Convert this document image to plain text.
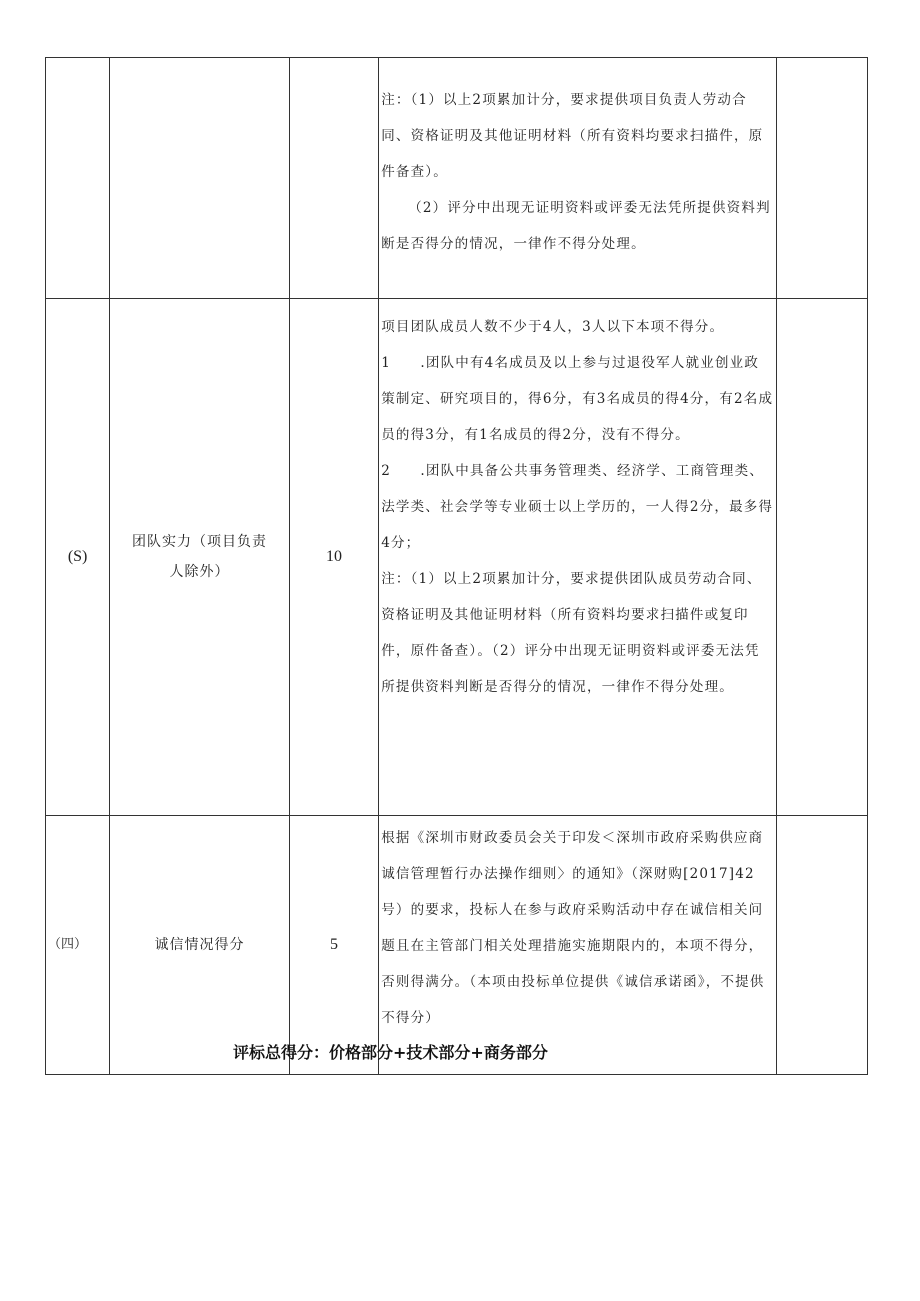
			注：（1）以上2项累加计分，要求提供项目负责人劳动合同、资格证明及其他证明材料（所有资料均要求扫描件，原件备查）。

（2）评分中出现无证明资料或评委无法凭所提供资料判断是否得分的情况，一律作不得分处理。	

(S)	团队实力（项目负责人除外）	10	项目团队成员人数不少于4人，3人以下本项不得分。

1　　.团队中有4名成员及以上参与过退役军人就业创业政策制定、研究项目的，得6分，有3名成员的得4分，有2名成员的得3分，有1名成员的得2分，没有不得分。

2　　.团队中具备公共事务管理类、经济学、工商管理类、法学类、社会学等专业硕士以上学历的，一人得2分，最多得4分；

注：（1）以上2项累加计分，要求提供团队成员劳动合同、资格证明及其他证明材料（所有资料均要求扫描件或复印件，原件备查）。（2）评分中出现无证明资料或评委无法凭所提供资料判断是否得分的情况，一律作不得分处理。	

（四）	诚信情况得分	5	根据《深圳市财政委员会关于印发＜深圳市政府采购供应商诚信管理暂行办法操作细则〉的通知》（深财购[2017]42号）的要求，投标人在参与政府采购活动中存在诚信相关问题且在主管部门相关处理措施实施期限内的，本项不得分，否则得满分。（本项由投标单位提供《诚信承诺函》，不提供不得分）	

评标总得分：价格部分+技术部分+商务部分
